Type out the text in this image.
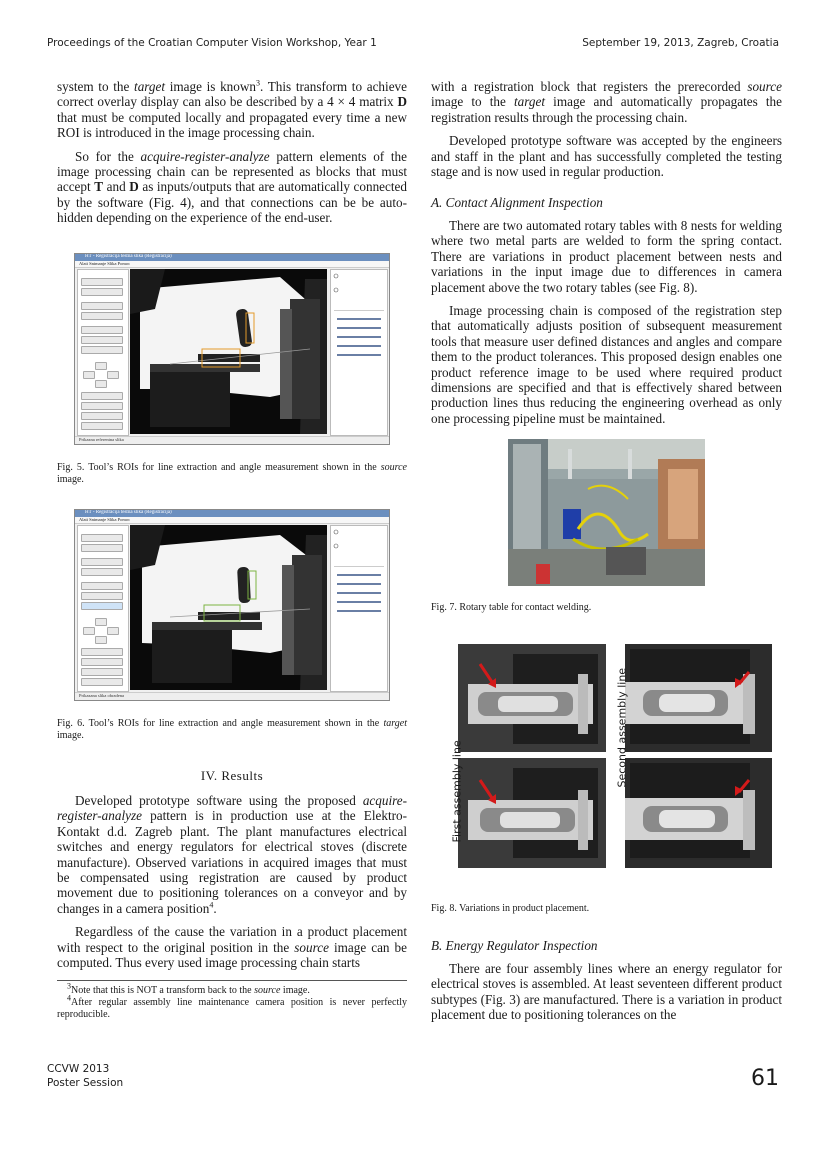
Proceedings of the Croatian Computer Vision Workshop, Year 1	September 19, 2013, Zagreb, Croatia

system to the target image is known$^3$. This transform to achieve correct overlay display can also be described by a 4 × 4 matrix D that must be computed locally and propagated every time a new ROI is introduced in the image processing chain.

So for the acquire-register-analyze pattern elements of the image processing chain can be represented as blocks that must accept T and D as inputs/outputs that are automatically connected by the software (Fig. 4), and that connections can be be auto-hidden depending on the experience of the end-user.

HT - Registracija testna slika (Registracija)
Alati Snimanje Slika Pomoc
Prikazna referentna slika
Fig. 5. Tool’s ROIs for line extraction and angle measurement shown in the source image.
HT - Registracija testna slika (Registracija)
Alati Snimanje Slika Pomoc
Prikazana slika obradena
Fig. 6. Tool’s ROIs for line extraction and angle measurement shown in the target image.
IV. Results

Developed prototype software using the proposed acquire-register-analyze pattern is in production use at the Elektro-Kontakt d.d. Zagreb plant. The plant manufactures electrical switches and energy regulators for electrical stoves (discrete manufacture). Observed variations in acquired images that must be compensated using registration are caused by product movement due to positioning tolerances on a conveyor and by changes in a camera position$^4$.

Regardless of the cause the variation in a product placement with respect to the original position in the source image can be computed. Thus every used image processing chain starts

$^3$Note that this is NOT a transform back to the source image.
$^4$After regular assembly line maintenance camera position is never perfectly reproducible.

with a registration block that registers the prerecorded source image to the target image and automatically propagates the registration results through the processing chain.

Developed prototype software was accepted by the engineers and staff in the plant and has successfully completed the testing stage and is now used in regular production.

A. Contact Alignment Inspection

There are two automated rotary tables with 8 nests for welding where two metal parts are welded to form the spring contact. There are variations in product placement between nests and variations in the input image due to differences in camera placement above the two rotary tables (see Fig. 8).

Image processing chain is composed of the registration step that automatically adjusts position of subsequent measurement tools that measure user defined distances and angles and compare them to the product tolerances. This proposed design enables one product reference image to be used where required product dimensions are specified and that is effectively shared between production lines thus reducing the engineering overhead as only one processing pipeline must be maintained.

Fig. 7. Rotary table for contact welding.
First assembly line
Second assembly line
Fig. 8. Variations in product placement.
B. Energy Regulator Inspection

There are four assembly lines where an energy regulator for electrical stoves is assembled. At least seventeen different product subtypes (Fig. 3) are manufactured. There is a variation in product placement due to positioning tolerances on the

CCVW 2013
Poster Session	61
